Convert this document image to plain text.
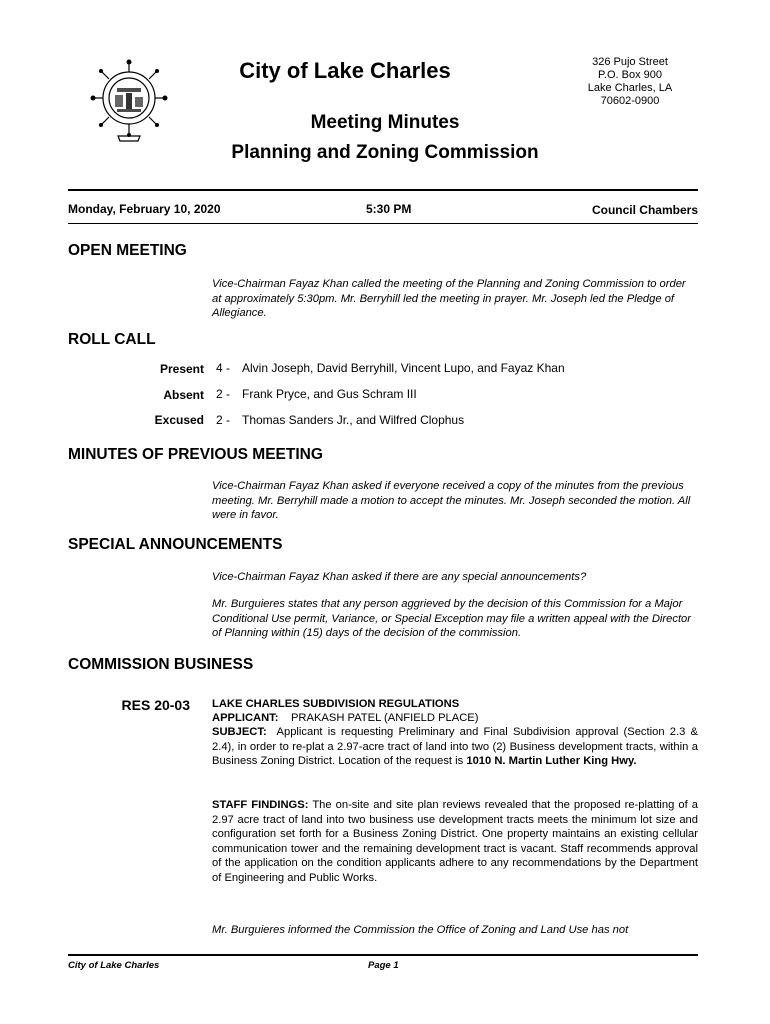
City of Lake Charles	326 Pujo Street
P.O. Box 900
Lake Charles, LA
70602-0900
Meeting Minutes
Planning and Zoning Commission
Monday, February 10, 2020	5:30 PM	Council Chambers
OPEN MEETING
Vice-Chairman Fayaz Khan called the meeting of the Planning and Zoning Commission to order at approximately 5:30pm. Mr. Berryhill led the meeting in prayer. Mr. Joseph led the Pledge of Allegiance.
ROLL CALL
Present 4 - Alvin Joseph, David Berryhill, Vincent Lupo, and Fayaz Khan
Absent 2 - Frank Pryce, and Gus Schram III
Excused 2 - Thomas Sanders Jr., and Wilfred Clophus
MINUTES OF PREVIOUS MEETING
Vice-Chairman Fayaz Khan asked if everyone received a copy of the minutes from the previous meeting. Mr. Berryhill made a motion to accept the minutes. Mr. Joseph seconded the motion. All were in favor.
SPECIAL ANNOUNCEMENTS
Vice-Chairman Fayaz Khan asked if there are any special announcements?
Mr. Burguieres states that any person aggrieved by the decision of this Commission for a Major Conditional Use permit, Variance, or Special Exception may file a written appeal with the Director of Planning within (15) days of the decision of the commission.
COMMISSION BUSINESS
RES 20-03 LAKE CHARLES SUBDIVISION REGULATIONS
APPLICANT: PRAKASH PATEL (ANFIELD PLACE)
SUBJECT: Applicant is requesting Preliminary and Final Subdivision approval (Section 2.3 & 2.4), in order to re-plat a 2.97-acre tract of land into two (2) Business development tracts, within a Business Zoning District. Location of the request is 1010 N. Martin Luther King Hwy.
STAFF FINDINGS: The on-site and site plan reviews revealed that the proposed re-platting of a 2.97 acre tract of land into two business use development tracts meets the minimum lot size and configuration set forth for a Business Zoning District. One property maintains an existing cellular communication tower and the remaining development tract is vacant. Staff recommends approval of the application on the condition applicants adhere to any recommendations by the Department of Engineering and Public Works.
Mr. Burguieres informed the Commission the Office of Zoning and Land Use has not
City of Lake Charles	Page 1
